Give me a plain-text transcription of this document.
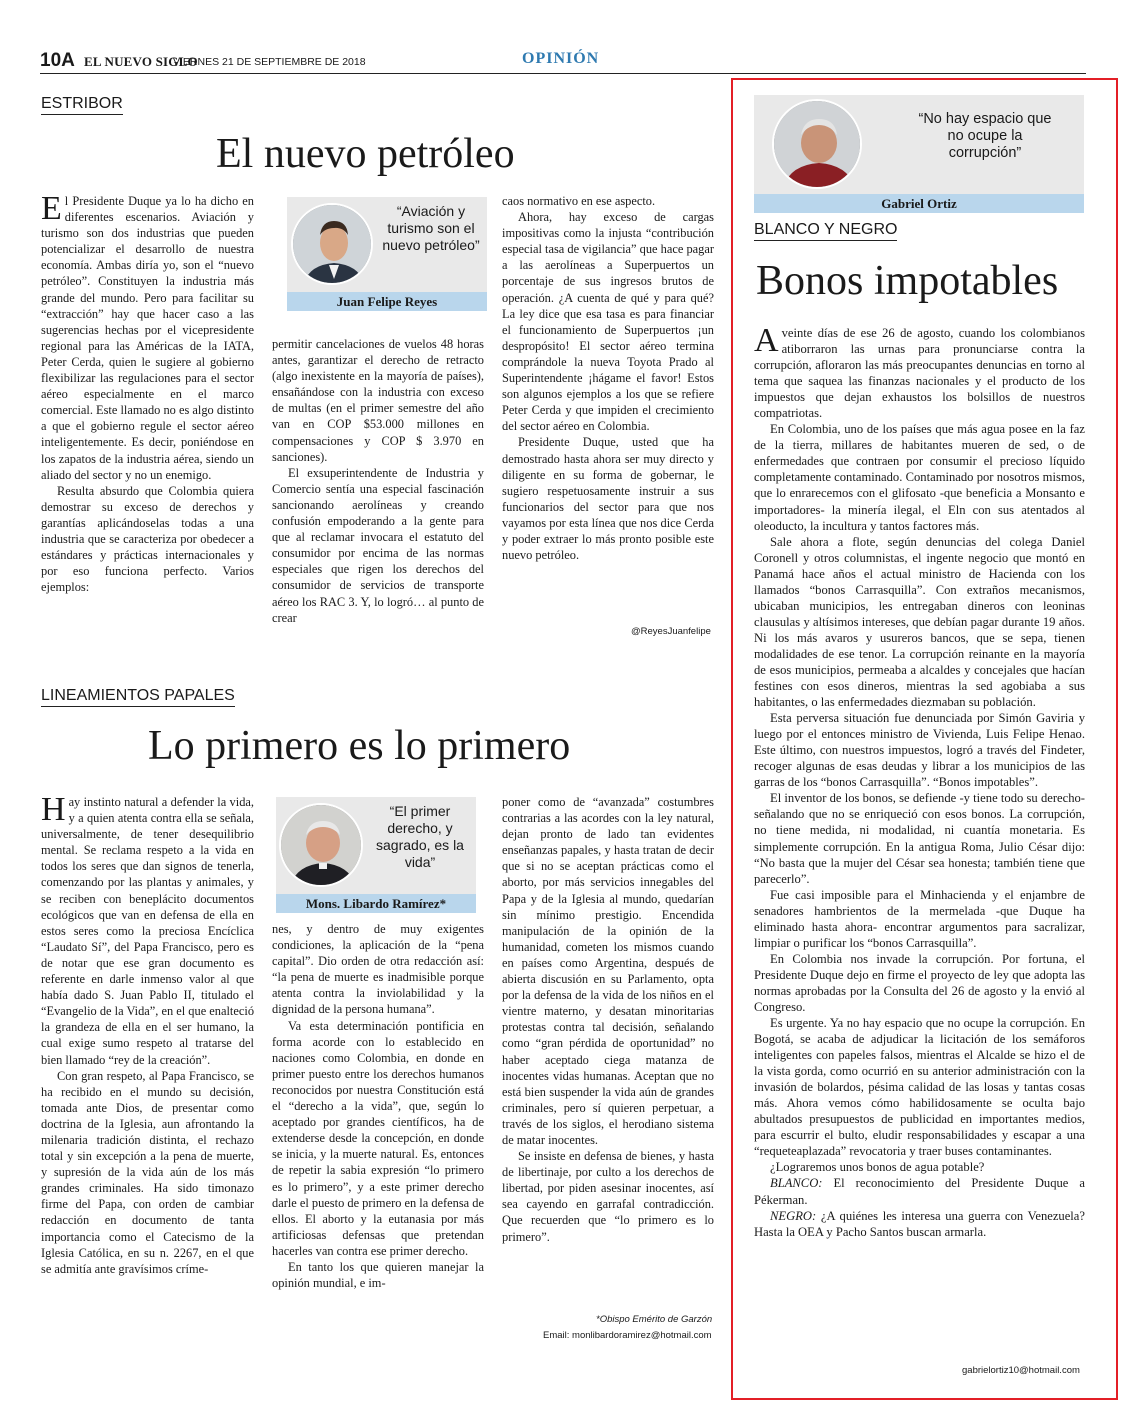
10A EL NUEVO SIGLO
VIERNES 21 DE SEPTIEMBRE DE 2018	OPINIÓN
ESTRIBOR
El nuevo petróleo

El Presidente Duque ya lo ha dicho en diferentes escenarios. Aviación y turismo son dos industrias que pueden potencializar el desarrollo de nuestra economía. Ambas diría yo, son el “nuevo petróleo”. Constituyen la industria más grande del mundo. Pero para facilitar su “extracción” hay que hacer caso a las sugerencias hechas por el vicepresidente regional para las Américas de la IATA, Peter Cerda, quien le sugiere al gobierno flexibilizar las regulaciones para el sector aéreo especialmente en el marco comercial. Este llamado no es algo distinto a que el gobierno regule el sector aéreo inteligentemente. Es decir, poniéndose en los zapatos de la industria aérea, siendo un aliado del sector y no un enemigo.

Resulta absurdo que Colombia quiera demostrar su exceso de derechos y garantías aplicándoselas todas a una industria que se caracteriza por obedecer a estándares y prácticas internacionales y por eso funciona perfecto. Varios ejemplos:

“Aviación y turismo son el nuevo petróleo”
Juan Felipe Reyes

permitir cancelaciones de vuelos 48 horas antes, garantizar el derecho de retracto (algo inexistente en la mayoría de países), ensañándose con la industria con exceso de multas (en el primer semestre del año van en COP $53.000 millones en compensaciones y COP $ 3.970 en sanciones).

El exsuperintendente de Industria y Comercio sentía una especial fascinación sancionando aerolíneas y creando confusión empoderando a la gente para que al reclamar invocara el estatuto del consumidor por encima de las normas especiales que rigen los derechos del consumidor de servicios de transporte aéreo los RAC 3. Y, lo logró… al punto de crear

caos normativo en ese aspecto.

Ahora, hay exceso de cargas impositivas como la injusta “contribución especial tasa de vigilancia” que hace pagar a las aerolíneas a Superpuertos un porcentaje de sus ingresos brutos de operación. ¿A cuenta de qué y para qué? La ley dice que esa tasa es para financiar el funcionamiento de Superpuertos ¡un despropósito! El sector aéreo termina comprándole la nueva Toyota Prado al Superintendente ¡hágame el favor! Estos son algunos ejemplos a los que se refiere Peter Cerda y que impiden el crecimiento del sector aéreo en Colombia.

Presidente Duque, usted que ha demostrado hasta ahora ser muy directo y diligente en su forma de gobernar, le sugiero respetuosamente instruir a sus funcionarios del sector para que nos vayamos por esta línea que nos dice Cerda y poder extraer lo más pronto posible este nuevo petróleo.

@ReyesJuanfelipe
LINEAMIENTOS PAPALES
Lo primero es lo primero

Hay instinto natural a defender la vida, y a quien atenta contra ella se señala, universalmente, de tener desequilibrio mental. Se reclama respeto a la vida en todos los seres que dan signos de tenerla, comenzando por las plantas y animales, y se reciben con beneplácito documentos ecológicos que van en defensa de ella en estos seres como la preciosa Encíclica “Laudato Sí”, del Papa Francisco, pero es de notar que ese gran documento es referente en darle inmenso valor al que había dado S. Juan Pablo II, titulado el “Evangelio de la Vida”, en el que enalteció la grandeza de ella en el ser humano, la cual exige sumo respeto al tratarse del bien llamado “rey de la creación”.

Con gran respeto, al Papa Francisco, se ha recibido en el mundo su decisión, tomada ante Dios, de presentar como doctrina de la Iglesia, aun afrontando la milenaria tradición distinta, el rechazo total y sin excepción a la pena de muerte, y supresión de la vida aún de los más grandes criminales. Ha sido timonazo firme del Papa, con orden de cambiar redacción en documento de tanta importancia como el Catecismo de la Iglesia Católica, en su n. 2267, en el que se admitía ante gravísimos críme-

“El primer derecho, y sagrado, es la vida”
Mons. Libardo Ramírez*

nes, y dentro de muy exigentes condiciones, la aplicación de la “pena capital”. Dio orden de otra redacción así: “la pena de muerte es inadmisible porque atenta contra la inviolabilidad y la dignidad de la persona humana”.

Va esta determinación pontificia en forma acorde con lo establecido en naciones como Colombia, en donde en primer puesto entre los derechos humanos reconocidos por nuestra Constitución está el “derecho a la vida”, que, según lo aceptado por grandes científicos, ha de extenderse desde la concepción, en donde se inicia, y la muerte natural. Es, entonces de repetir la sabia expresión “lo primero es lo primero”, y a este primer derecho darle el puesto de primero en la defensa de ellos. El aborto y la eutanasia por más artificiosas defensas que pretendan hacerles van contra ese primer derecho.

En tanto los que quieren manejar la opinión mundial, e im-

poner como de “avanzada” costumbres contrarias a las acordes con la ley natural, dejan pronto de lado tan evidentes enseñanzas papales, y hasta tratan de decir que si no se aceptan prácticas como el aborto, por más servicios innegables del Papa y de la Iglesia al mundo, quedarían sin mínimo prestigio. Encendida manipulación de la opinión de la humanidad, cometen los mismos cuando en países como Argentina, después de abierta discusión en su Parlamento, opta por la defensa de la vida de los niños en el vientre materno, y desatan minoritarias protestas contra tal decisión, señalando como “gran pérdida de oportunidad” no haber aceptado ciega matanza de inocentes vidas humanas. Aceptan que no está bien suspender la vida aún de grandes criminales, pero sí quieren perpetuar, a través de los siglos, el herodiano sistema de matar inocentes.

Se insiste en defensa de bienes, y hasta de libertinaje, por culto a los derechos de libertad, por piden asesinar inocentes, así sea cayendo en garrafal contradicción. Que recuerden que “lo primero es lo primero”.

*Obispo Emérito de Garzón
Email: monlibardoramirez@hotmail.com
“No hay espacio que no ocupe la corrupción”
Gabriel Ortiz
BLANCO Y NEGRO
Bonos impotables

Aveinte días de ese 26 de agosto, cuando los colombianos atiborraron las urnas para pronunciarse contra la corrupción, afloraron las más preocupantes denuncias en torno al tema que saquea las finanzas nacionales y el producto de los impuestos que dejan exhaustos los bolsillos de nuestros compatriotas.

En Colombia, uno de los países que más agua posee en la faz de la tierra, millares de habitantes mueren de sed, o de enfermedades que contraen por consumir el precioso líquido completamente contaminado. Contaminado por nosotros mismos, que lo enrarecemos con el glifosato -que beneficia a Monsanto e importadores- la minería ilegal, el Eln con sus atentados al oleoducto, la incultura y tantos factores más.

Sale ahora a flote, según denuncias del colega Daniel Coronell y otros columnistas, el ingente negocio que montó en Panamá hace años el actual ministro de Hacienda con los llamados “bonos Carrasquilla”. Con extraños mecanismos, ubicaban municipios, les entregaban dineros con leoninas clausulas y altísimos intereses, que debían pagar durante 19 años. Ni los más avaros y usureros bancos, que se sepa, tienen modalidades de ese tenor. La corrupción reinante en la mayoría de esos municipios, permeaba a alcaldes y concejales que hacían festines con esos dineros, mientras la sed agobiaba a sus habitantes, o las enfermedades diezmaban su población.

Esta perversa situación fue denunciada por Simón Gaviria y luego por el entonces ministro de Vivienda, Luis Felipe Henao. Este último, con nuestros impuestos, logró a través del Findeter, recoger algunas de esas deudas y librar a los municipios de las garras de los “bonos Carrasquilla”. “Bonos impotables”.

El inventor de los bonos, se defiende -y tiene todo su derecho- señalando que no se enriqueció con esos bonos. La corrupción, no tiene medida, ni modalidad, ni cuantía monetaria. Es simplemente corrupción. En la antigua Roma, Julio César dijo: “No basta que la mujer del César sea honesta; también tiene que parecerlo”.

Fue casi imposible para el Minhacienda y el enjambre de senadores hambrientos de la mermelada -que Duque ha eliminado hasta ahora- encontrar argumentos para sacralizar, limpiar o purificar los “bonos Carrasquilla”.

En Colombia nos invade la corrupción. Por fortuna, el Presidente Duque dejo en firme el proyecto de ley que adopta las normas aprobadas por la Consulta del 26 de agosto y la envió al Congreso.

Es urgente. Ya no hay espacio que no ocupe la corrupción. En Bogotá, se acaba de adjudicar la licitación de los semáforos inteligentes con papeles falsos, mientras el Alcalde se hizo el de la vista gorda, como ocurrió en su anterior administración con la invasión de bolardos, pésima calidad de las losas y tantas cosas más. Ahora vemos cómo habilidosamente se oculta bajo abultados presupuestos de publicidad en importantes medios, para escurrir el bulto, eludir responsabilidades y escapar a una “requeteaplazada” revocatoria y traer buses contaminantes.

¿Lograremos unos bonos de agua potable?

BLANCO: El reconocimiento del Presidente Duque a Pékerman.

NEGRO: ¿A quiénes les interesa una guerra con Venezuela? Hasta la OEA y Pacho Santos buscan armarla.

gabrielortiz10@hotmail.com
